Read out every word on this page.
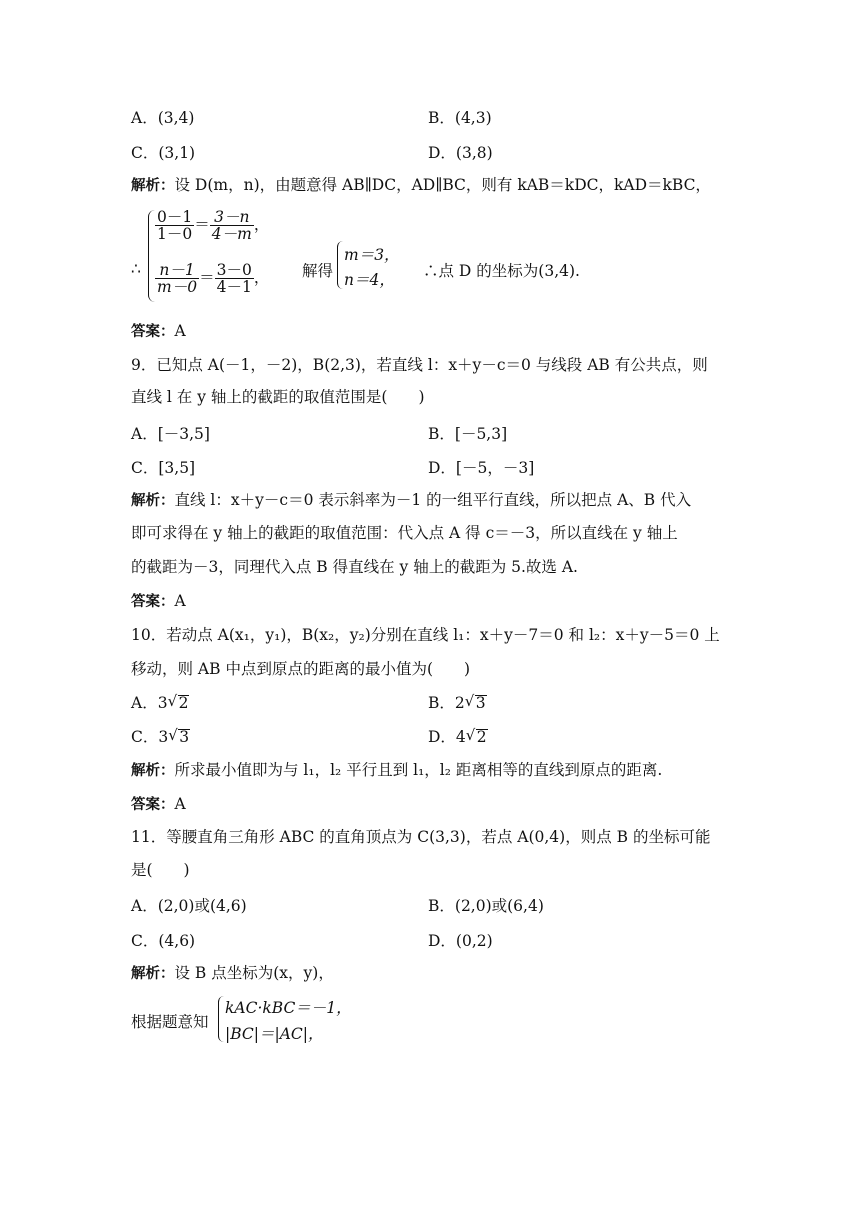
A．(3,4)	B．(4,3)
C．(3,1)	D．(3,8)
解析：设 D(m，n)，由题意得 AB∥DC，AD∥BC，则有 kAB＝kDC，kAD＝kBC，
∴
$\frac{0-1}{1-0} = \frac{3-n}{4-m}$ ，
$\frac{n-1}{m-0} = \frac{3-0}{4-1}$ ， 解得
m＝3，
n＝4， ∴点 D 的坐标为(3,4).
答案：A
9．已知点 A(－1，－2)，B(2,3)，若直线 l：x＋y－c＝0 与线段 AB 有公共点，则
直线 l 在 y 轴上的截距的取值范围是(　　)
A．[－3,5]	B．[－5,3]
C．[3,5]	D．[－5，－3]
解析：直线 l：x＋y－c＝0 表示斜率为－1 的一组平行直线，所以把点 A、B 代入
即可求得在 y 轴上的截距的取值范围：代入点 A 得 c＝－3，所以直线在 y 轴上
的截距为－3，同理代入点 B 得直线在 y 轴上的截距为 5.故选 A.
答案：A
10．若动点 A(x₁，y₁)，B(x₂，y₂)分别在直线 l₁：x＋y－7＝0 和 l₂：x＋y－5＝0 上
移动，则 AB 中点到原点的距离的最小值为(　　)
A．3 √ 2	B．2 √ 3
C．3 √ 3	D．4 √ 2
解析：所求最小值即为与 l₁，l₂ 平行且到 l₁，l₂ 距离相等的直线到原点的距离.
答案：A
11．等腰直角三角形 ABC 的直角顶点为 C(3,3)，若点 A(0,4)，则点 B 的坐标可能
是(　　)
A．(2,0)或(4,6)	B．(2,0)或(6,4)
C．(4,6)	D．(0,2)
解析：设 B 点坐标为(x，y)，
根据题意知
kAC·kBC＝－1，
|BC|＝|AC|，
